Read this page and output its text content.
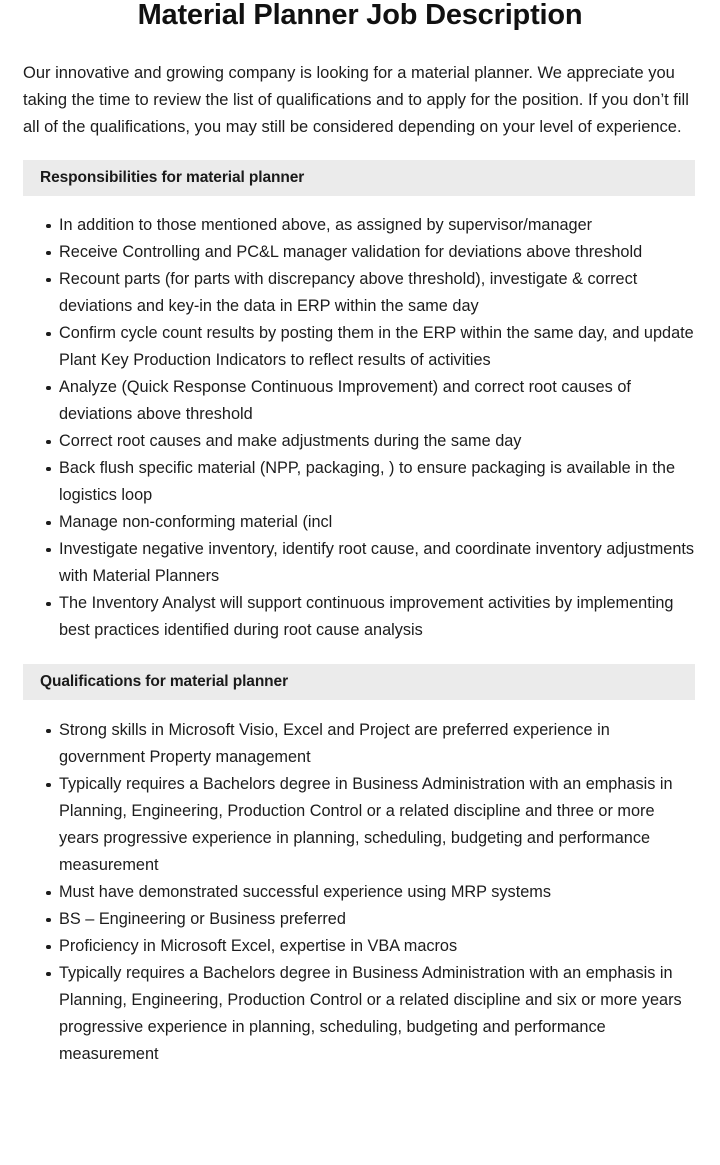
Material Planner Job Description

Our innovative and growing company is looking for a material planner. We appreciate you taking the time to review the list of qualifications and to apply for the position. If you don’t fill all of the qualifications, you may still be considered depending on your level of experience.

Responsibilities for material planner
In addition to those mentioned above, as assigned by supervisor/manager
Receive Controlling and PC&L manager validation for deviations above threshold
Recount parts (for parts with discrepancy above threshold), investigate & correct deviations and key-in the data in ERP within the same day
Confirm cycle count results by posting them in the ERP within the same day, and update Plant Key Production Indicators to reflect results of activities
Analyze (Quick Response Continuous Improvement) and correct root causes of deviations above threshold
Correct root causes and make adjustments during the same day
Back flush specific material (NPP, packaging, ) to ensure packaging is available in the logistics loop
Manage non-conforming material (incl
Investigate negative inventory, identify root cause, and coordinate inventory adjustments with Material Planners
The Inventory Analyst will support continuous improvement activities by implementing best practices identified during root cause analysis
Qualifications for material planner
Strong skills in Microsoft Visio, Excel and Project are preferred experience in government Property management
Typically requires a Bachelors degree in Business Administration with an emphasis in Planning, Engineering, Production Control or a related discipline and three or more years progressive experience in planning, scheduling, budgeting and performance measurement
Must have demonstrated successful experience using MRP systems
BS – Engineering or Business preferred
Proficiency in Microsoft Excel, expertise in VBA macros
Typically requires a Bachelors degree in Business Administration with an emphasis in Planning, Engineering, Production Control or a related discipline and six or more years progressive experience in planning, scheduling, budgeting and performance measurement
